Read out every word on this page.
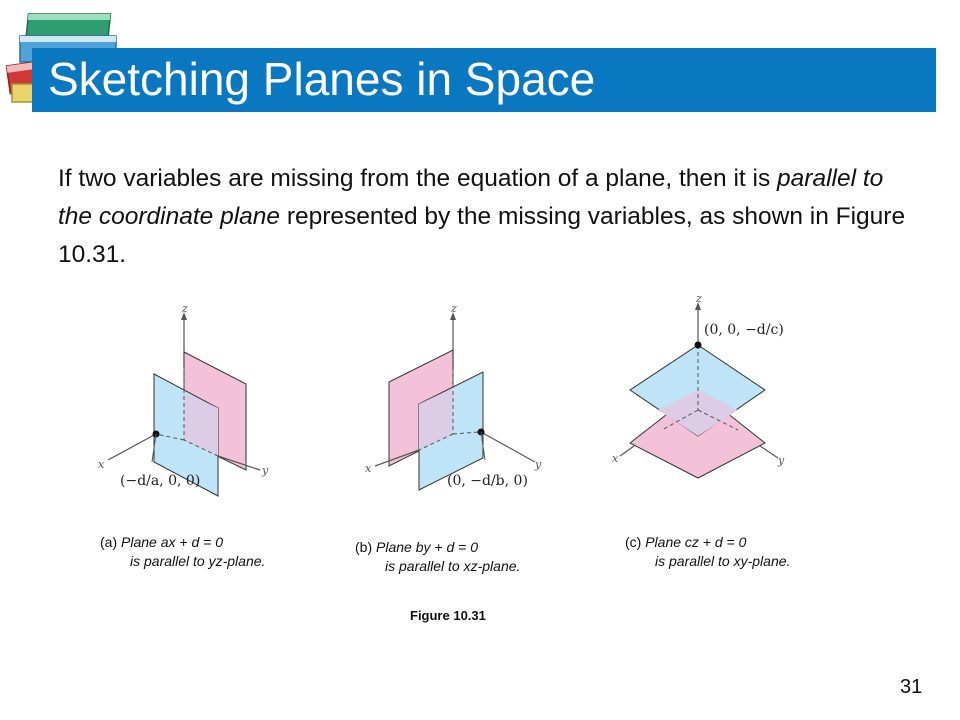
Sketching Planes in Space
If two variables are missing from the equation of a plane, then it is parallel to the coordinate plane represented by the missing variables, as shown in Figure 10.31.
z
x	y
(−d/a, 0, 0)
z
x	y
(0, −d/b, 0)
z
x	y
(0, 0, −d/c)
(a) Plane ax + d = 0
is parallel to yz-plane.
(b) Plane by + d = 0
is parallel to xz-plane.
(c) Plane cz + d = 0
is parallel to xy-plane.
Figure 10.31
31
